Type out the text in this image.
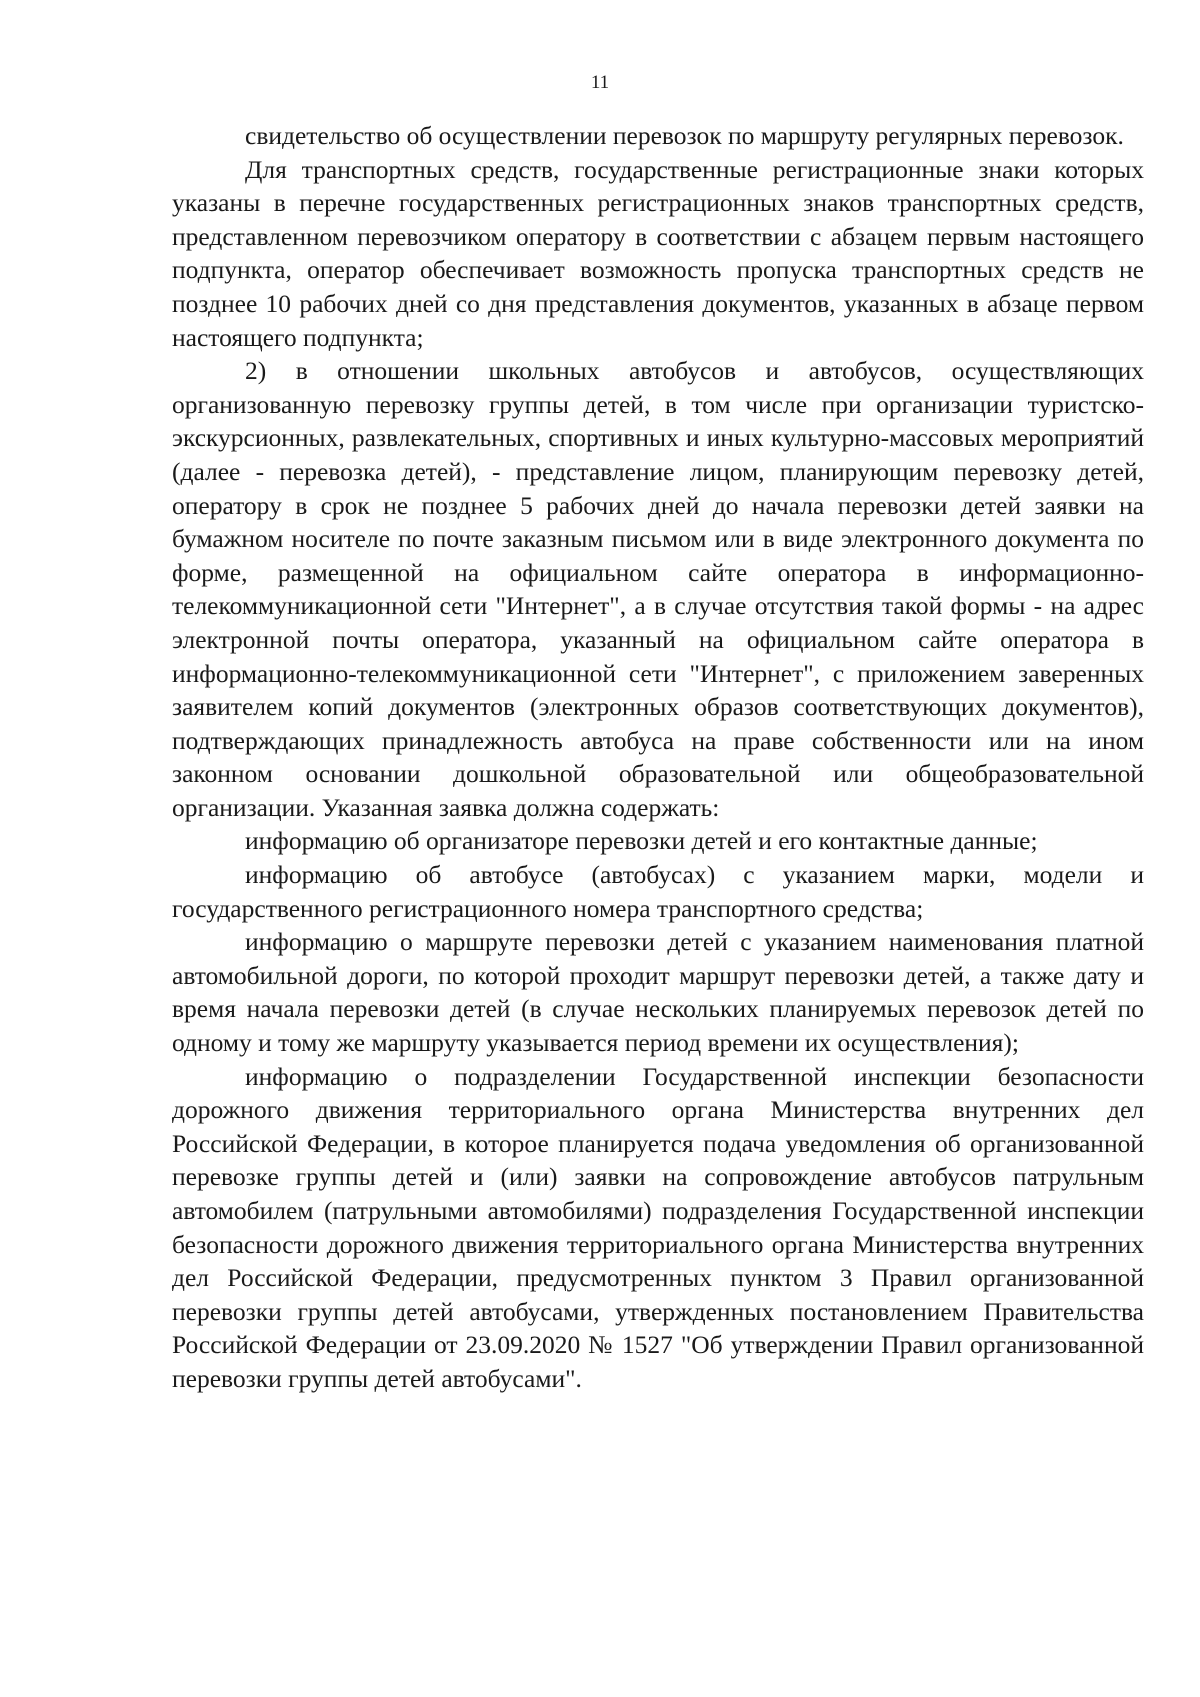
11

свидетельство об осуществлении перевозок по маршруту регулярных перевозок.

Для транспортных средств, государственные регистрационные знаки которых указаны в перечне государственных регистрационных знаков транспортных средств, представленном перевозчиком оператору в соответствии с абзацем первым настоящего подпункта, оператор обеспечивает возможность пропуска транспортных средств не позднее 10 рабочих дней со дня представления документов, указанных в абзаце первом настоящего подпункта;

2) в отношении школьных автобусов и автобусов, осуществляющих организованную перевозку группы детей, в том числе при организации туристско-экскурсионных, развлекательных, спортивных и иных культурно-массовых мероприятий (далее - перевозка детей), - представление лицом, планирующим перевозку детей, оператору в срок не позднее 5 рабочих дней до начала перевозки детей заявки на бумажном носителе по почте заказным письмом или в виде электронного документа по форме, размещенной на официальном сайте оператора в информационно-телекоммуникационной сети "Интернет", а в случае отсутствия такой формы - на адрес электронной почты оператора, указанный на официальном сайте оператора в информационно-телекоммуникационной сети "Интернет", с приложением заверенных заявителем копий документов (электронных образов соответствующих документов), подтверждающих принадлежность автобуса на праве собственности или на ином законном основании дошкольной образовательной или общеобразовательной организации. Указанная заявка должна содержать:

информацию об организаторе перевозки детей и его контактные данные;

информацию об автобусе (автобусах) с указанием марки, модели и государственного регистрационного номера транспортного средства;

информацию о маршруте перевозки детей с указанием наименования платной автомобильной дороги, по которой проходит маршрут перевозки детей, а также дату и время начала перевозки детей (в случае нескольких планируемых перевозок детей по одному и тому же маршруту указывается период времени их осуществления);

информацию о подразделении Государственной инспекции безопасности дорожного движения территориального органа Министерства внутренних дел Российской Федерации, в которое планируется подача уведомления об организованной перевозке группы детей и (или) заявки на сопровождение автобусов патрульным автомобилем (патрульными автомобилями) подразделения Государственной инспекции безопасности дорожного движения территориального органа Министерства внутренних дел Российской Федерации, предусмотренных пунктом 3 Правил организованной перевозки группы детей автобусами, утвержденных постановлением Правительства Российской Федерации от 23.09.2020 № 1527 "Об утверждении Правил организованной перевозки группы детей автобусами".
